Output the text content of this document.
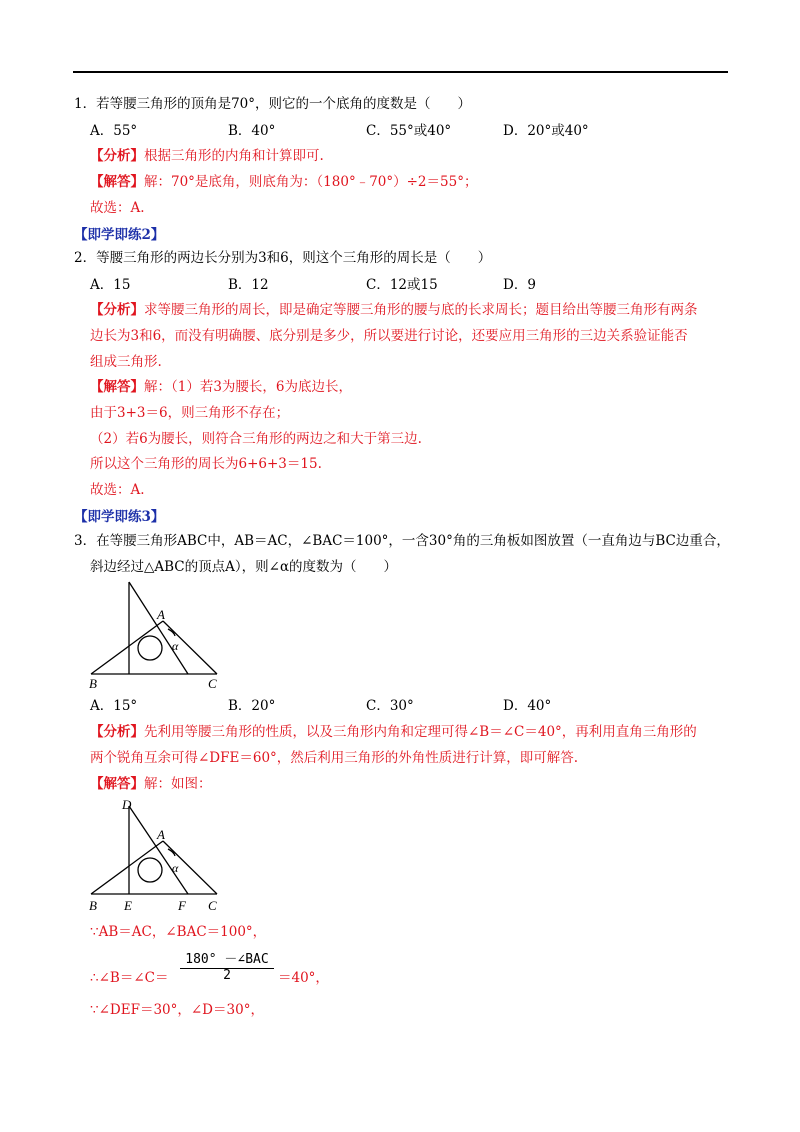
1．若等腰三角形的顶角是70°，则它的一个底角的度数是（　　）
A．55°	B．40°	C．55°或40°	D．20°或40°
【分析】根据三角形的内角和计算即可.
【解答】解：70°是底角，则底角为：（180°﹣70°）÷2＝55°；
故选：A.
【即学即练2】
2．等腰三角形的两边长分别为3和6，则这个三角形的周长是（　　）
A．15	B．12	C．12或15	D．9
【分析】求等腰三角形的周长，即是确定等腰三角形的腰与底的长求周长；题目给出等腰三角形有两条
边长为3和6，而没有明确腰、底分别是多少，所以要进行讨论，还要应用三角形的三边关系验证能否
组成三角形.
【解答】解：（1）若3为腰长，6为底边长，
由于3+3＝6，则三角形不存在；
（2）若6为腰长，则符合三角形的两边之和大于第三边.
所以这个三角形的周长为6+6+3＝15.
故选：A.
【即学即练3】
3．在等腰三角形ABC中，AB＝AC，∠BAC＝100°，一含30°角的三角板如图放置（一直角边与BC边重合，
斜边经过△ABC的顶点A），则∠α的度数为（　　）
A
B	C
α
A．15°	B．20°	C．30°	D．40°
【分析】先利用等腰三角形的性质，以及三角形内角和定理可得∠B＝∠C＝40°，再利用直角三角形的
两个锐角互余可得∠DFE＝60°，然后利用三角形的外角性质进行计算，即可解答.
【解答】解：如图：
D
A
α
B E	F C
∵AB＝AC，∠BAC＝100°，
∴∠B＝∠C＝
180° －∠BAC
2	＝40°，
∵∠DEF＝30°，∠D＝30°，
